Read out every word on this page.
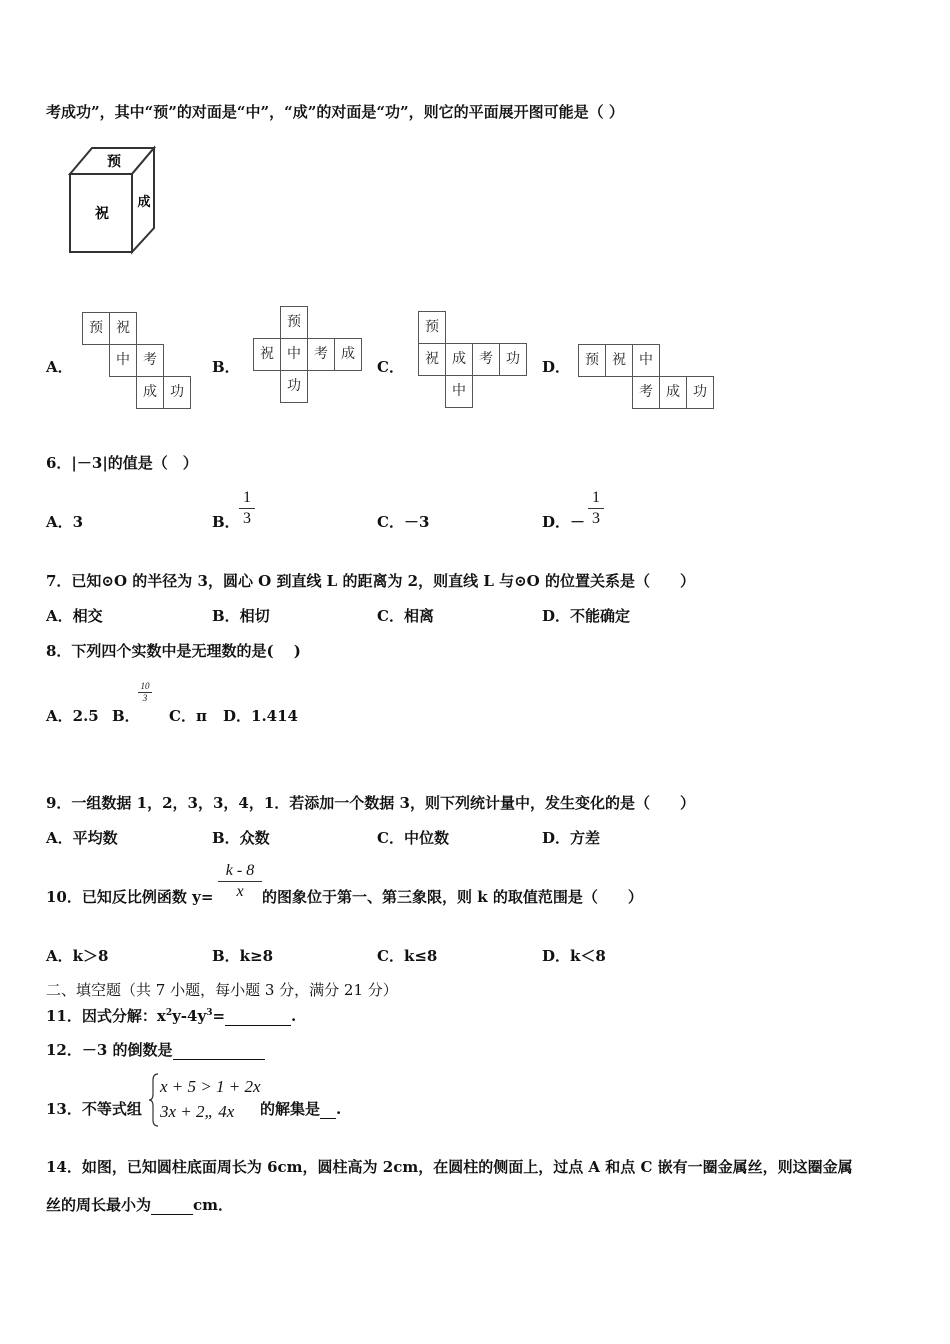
考成功”，其中“预”的对面是“中”，“成”的对面是“功”，则它的平面展开图可能是（ ）
预
祝
成
A．
预 祝
中 考
成 功
B．
预
祝 中 考 成
功
C．
预
祝 成 考 功
中
D．	预 祝 中
考 成 功
6．|－3|的值是（　）
A．3	B．
1
3	C．－3	D．－
1
3
7．已知⊙O 的半径为 3，圆心 O 到直线 L 的距离为 2，则直线 L 与⊙O 的位置关系是（　　）
A．相交	B．相切	C．相离	D．不能确定
8．下列四个实数中是无理数的是(　 )
A．2.5 B．
10
3
C．π D．1.414
9．一组数据 1，2，3，3，4，1．若添加一个数据 3，则下列统计量中，发生变化的是（　　）
A．平均数	B．众数	C．中位数	D．方差
10．已知反比例函数 y=
k - 8
x	的图象位于第一、第三象限，则 k 的取值范围是（　　）
A．k＞8	B．k≥8	C．k≤8	D．k＜8
二、填空题（共 7 小题，每小题 3 分，满分 21 分）
11．因式分解：$x^2y-4y^3=$	.
12．－3 的倒数是
13．不等式组
x + 5 > 1 + 2x
3x + 2„ 4x	的解集是 .
14．如图，已知圆柱底面周长为 6cm，圆柱高为 2cm，在圆柱的侧面上，过点 A 和点 C 嵌有一圈金属丝，则这圈金属
丝的周长最小为	cm．
